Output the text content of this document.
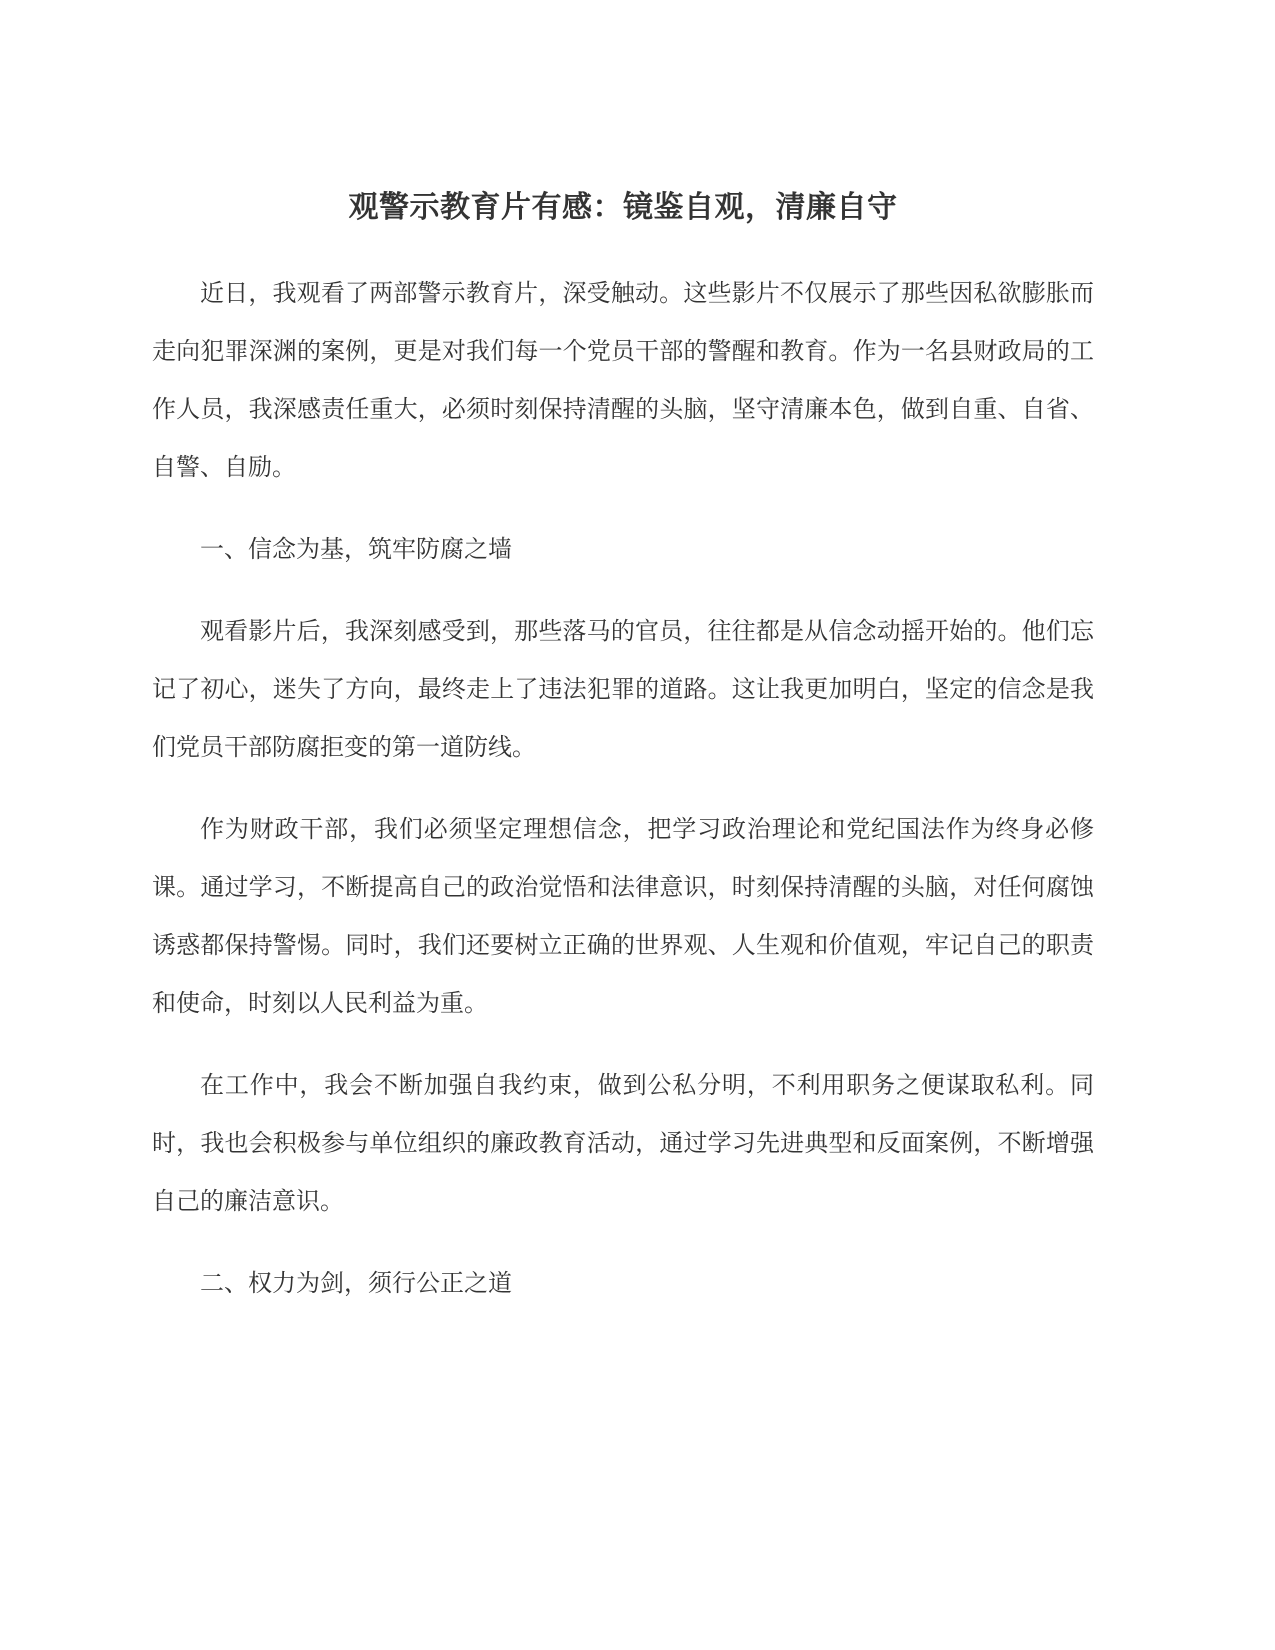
观警示教育片有感：镜鉴自观，清廉自守

近日，我观看了两部警示教育片，深受触动。这些影片不仅展示了那些因私欲膨胀而走向犯罪深渊的案例，更是对我们每一个党员干部的警醒和教育。作为一名县财政局的工作人员，我深感责任重大，必须时刻保持清醒的头脑，坚守清廉本色，做到自重、自省、自警、自励。

一、信念为基，筑牢防腐之墙

观看影片后，我深刻感受到，那些落马的官员，往往都是从信念动摇开始的。他们忘记了初心，迷失了方向，最终走上了违法犯罪的道路。这让我更加明白，坚定的信念是我们党员干部防腐拒变的第一道防线。

作为财政干部，我们必须坚定理想信念，把学习政治理论和党纪国法作为终身必修课。通过学习，不断提高自己的政治觉悟和法律意识，时刻保持清醒的头脑，对任何腐蚀诱惑都保持警惕。同时，我们还要树立正确的世界观、人生观和价值观，牢记自己的职责和使命，时刻以人民利益为重。

在工作中，我会不断加强自我约束，做到公私分明，不利用职务之便谋取私利。同时，我也会积极参与单位组织的廉政教育活动，通过学习先进典型和反面案例，不断增强自己的廉洁意识。

二、权力为剑，须行公正之道
